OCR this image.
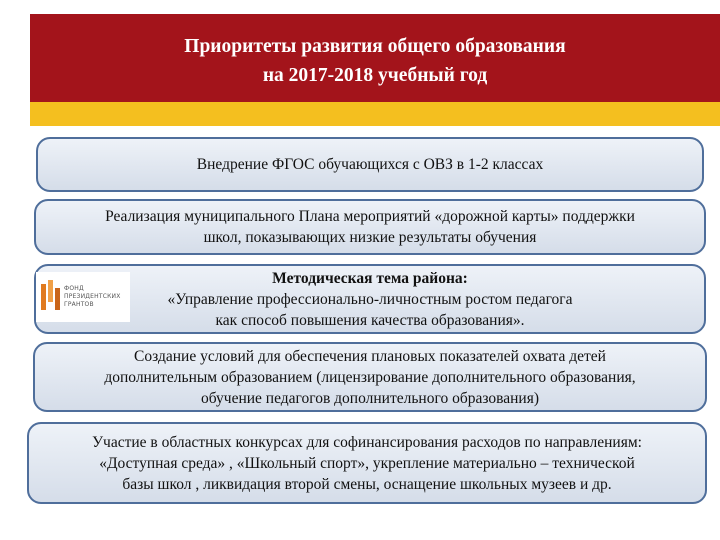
Приоритеты развития общего образования
на 2017-2018 учебный год
Внедрение ФГОС обучающихся с ОВЗ в 1-2 классах
Реализация муниципального Плана мероприятий «дорожной карты» поддержки
школ, показывающих низкие результаты обучения
Методическая тема района:
«Управление профессионально-личностным ростом педагога
как способ повышения качества образования».
ФОНД
ПРЕЗИДЕНТСКИХ
ГРАНТОВ
Создание условий для обеспечения плановых показателей охвата детей
дополнительным образованием (лицензирование дополнительного образования,
обучение педагогов дополнительного образования)
Участие в областных конкурсах для софинансирования расходов по направлениям:
«Доступная среда» , «Школьный спорт», укрепление материально – технической
базы школ , ликвидация второй смены, оснащение школьных музеев и др.
